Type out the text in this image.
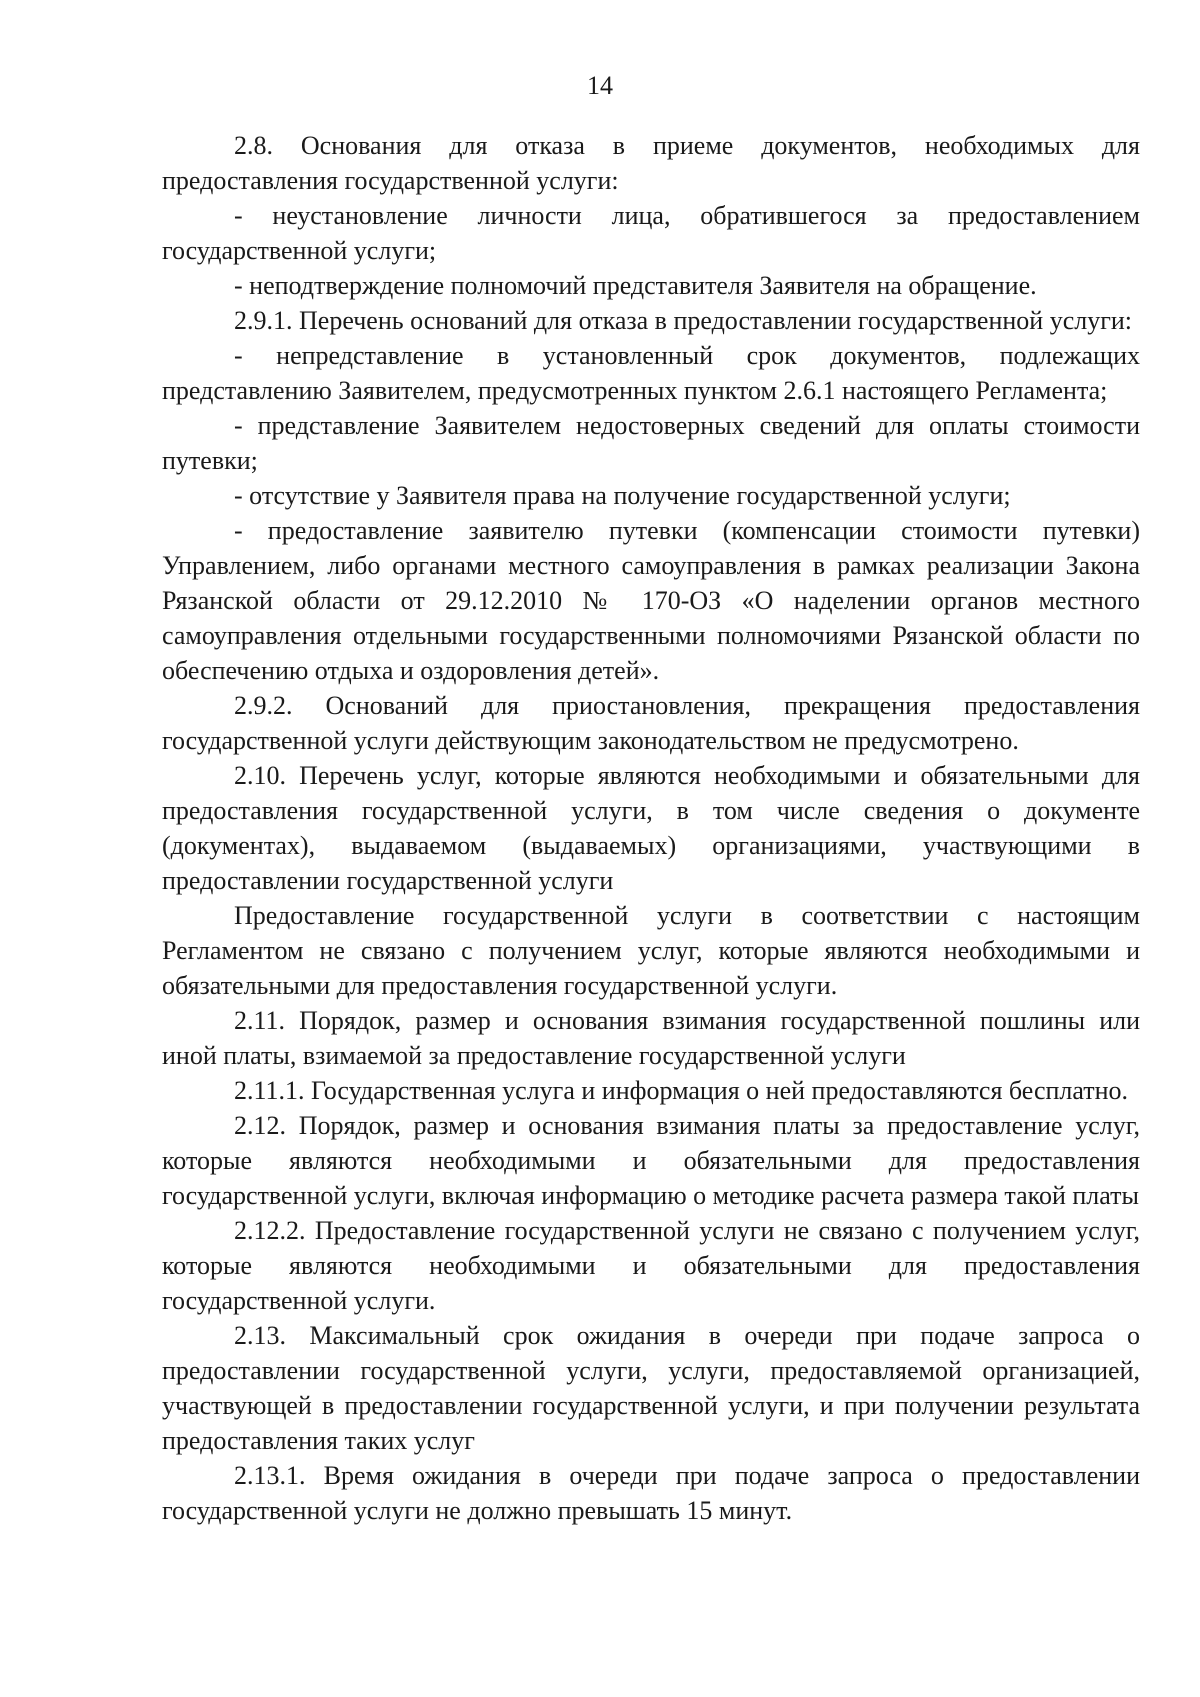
14

2.8. Основания для отказа в приеме документов, необходимых для предоставления государственной услуги:

- неустановление личности лица, обратившегося за предоставлением государственной услуги;

- неподтверждение полномочий представителя Заявителя на обращение.

2.9.1. Перечень оснований для отказа в предоставлении государственной услуги:

- непредставление в установленный срок документов, подлежащих представлению Заявителем, предусмотренных пунктом 2.6.1 настоящего Регламента;

- представление Заявителем недостоверных сведений для оплаты стоимости путевки;

- отсутствие у Заявителя права на получение государственной услуги;

- предоставление заявителю путевки (компенсации стоимости путевки) Управлением, либо органами местного самоуправления в рамках реализации Закона Рязанской области от 29.12.2010 № 170-ОЗ «О наделении органов местного самоуправления отдельными государственными полномочиями Рязанской области по обеспечению отдыха и оздоровления детей».

2.9.2. Оснований для приостановления, прекращения предоставления государственной услуги действующим законодательством не предусмотрено.

2.10. Перечень услуг, которые являются необходимыми и обязательными для предоставления государственной услуги, в том числе сведения о документе (документах), выдаваемом (выдаваемых) организациями, участвующими в предоставлении государственной услуги

Предоставление государственной услуги в соответствии с настоящим Регламентом не связано с получением услуг, которые являются необходимыми и обязательными для предоставления государственной услуги.

2.11. Порядок, размер и основания взимания государственной пошлины или иной платы, взимаемой за предоставление государственной услуги

2.11.1. Государственная услуга и информация о ней предоставляются бесплатно.

2.12. Порядок, размер и основания взимания платы за предоставление услуг, которые являются необходимыми и обязательными для предоставления государственной услуги, включая информацию о методике расчета размера такой платы

2.12.2. Предоставление государственной услуги не связано с получением услуг, которые являются необходимыми и обязательными для предоставления государственной услуги.

2.13. Максимальный срок ожидания в очереди при подаче запроса о предоставлении государственной услуги, услуги, предоставляемой организацией, участвующей в предоставлении государственной услуги, и при получении результата предоставления таких услуг

2.13.1. Время ожидания в очереди при подаче запроса о предоставлении государственной услуги не должно превышать 15 минут.
